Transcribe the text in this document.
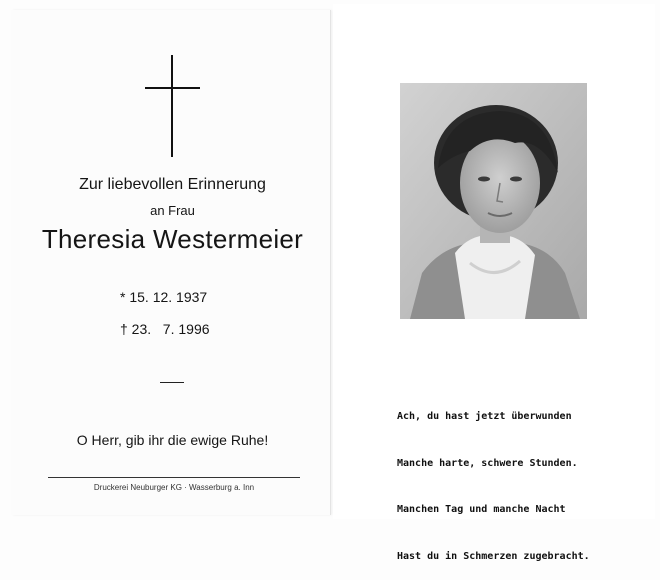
Zur liebevollen Erinnerung
an Frau
Theresia Westermeier
* 15. 12. 1937
† 23.   7. 1996
O Herr, gib ihr die ewige Ruhe!
Druckerei Neuburger KG · Wasserburg a. Inn

Ach, du hast jetzt überwunden

Manche harte, schwere Stunden.

Manchen Tag und manche Nacht

Hast du in Schmerzen zugebracht.
